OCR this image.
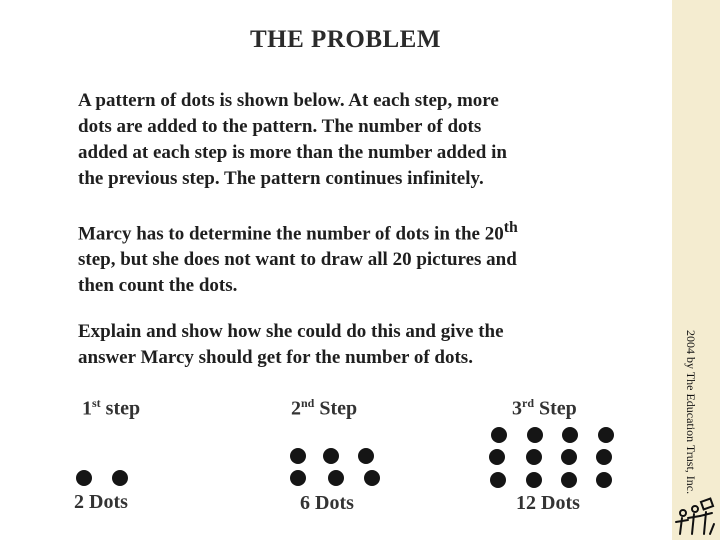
2004 by The Education Trust, Inc.
THE PROBLEM

A pattern of dots is shown below. At each step, more

dots are added to the pattern. The number of dots

added at each step is more than the number added in

the previous step. The pattern continues infinitely.

Marcy has to determine the number of dots in the 20th

step, but she does not want to draw all 20 pictures and

then count the dots.

Explain and show how she could do this and give the

answer Marcy should get for the number of dots.

1st step	2nd Step	3rd Step
2 Dots	6 Dots	12 Dots
